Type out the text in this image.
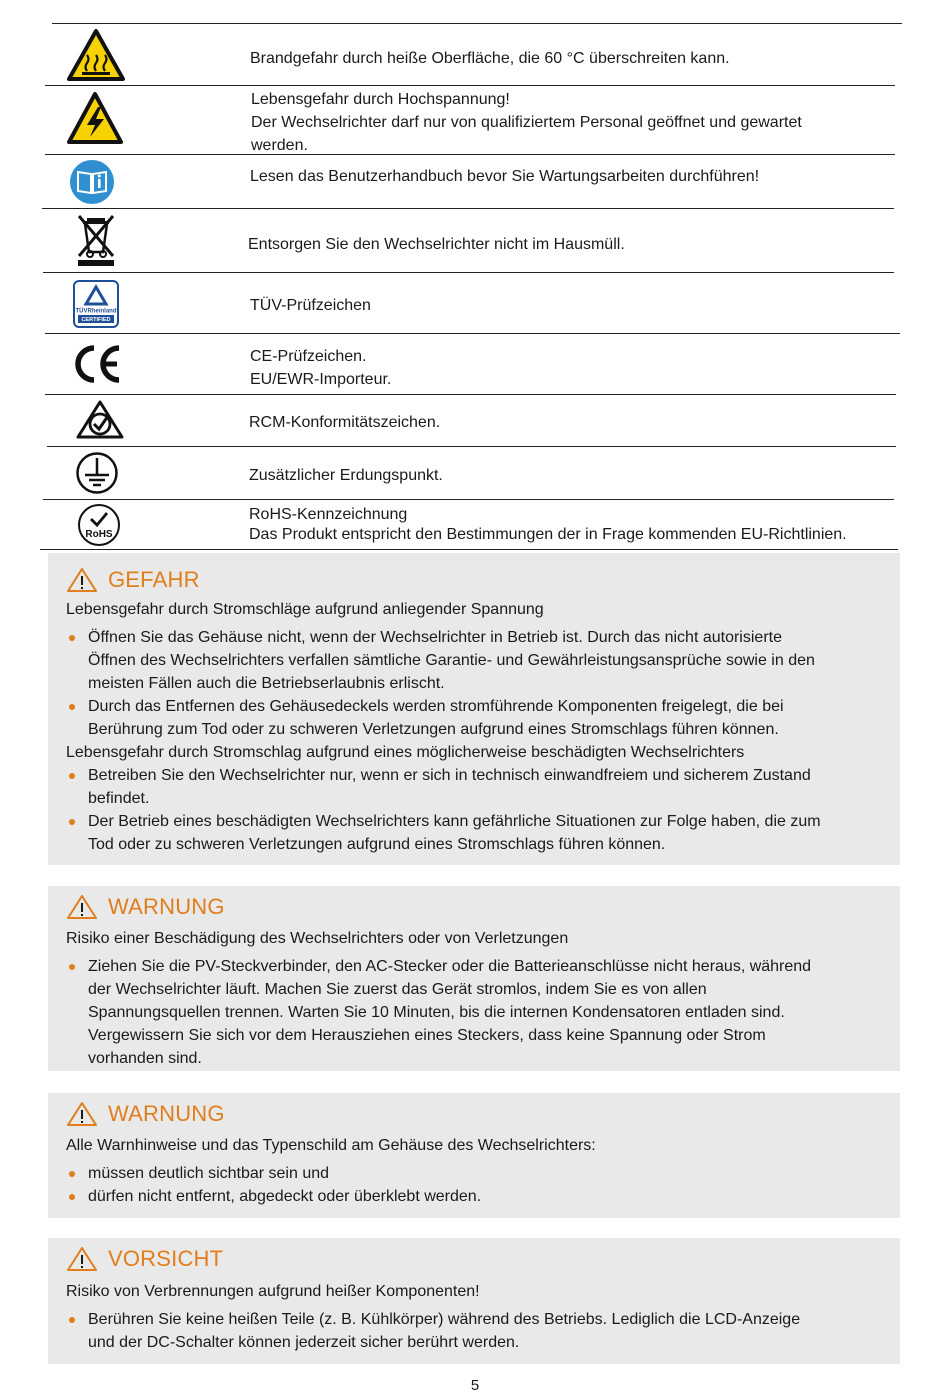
Brandgefahr durch heiße Oberfläche, die 60 °C überschreiten kann.
Lebensgefahr durch Hochspannung!
Der Wechselrichter darf nur von qualifiziertem Personal geöffnet und gewartet
werden.
Lesen das Benutzerhandbuch bevor Sie Wartungsarbeiten durchführen!
Entsorgen Sie den Wechselrichter nicht im Hausmüll.
TÜVRheinland
CERTIFIED
TÜV-Prüfzeichen
CE-Prüfzeichen.
EU/EWR-Importeur.
RCM-Konformitätszeichen.
Zusätzlicher Erdungspunkt.
RoHS
RoHS-Kennzeichnung
Das Produkt entspricht den Bestimmungen der in Frage kommenden EU-Richtlinien.
GEFAHR
Lebensgefahr durch Stromschläge aufgrund anliegender Spannung
Öffnen Sie das Gehäuse nicht, wenn der Wechselrichter in Betrieb ist. Durch das nicht autorisierte
Öffnen des Wechselrichters verfallen sämtliche Garantie- und Gewährleistungsansprüche sowie in den
meisten Fällen auch die Betriebserlaubnis erlischt.
Durch das Entfernen des Gehäusedeckels werden stromführende Komponenten freigelegt, die bei
Berührung zum Tod oder zu schweren Verletzungen aufgrund eines Stromschlags führen können.
Lebensgefahr durch Stromschlag aufgrund eines möglicherweise beschädigten Wechselrichters
Betreiben Sie den Wechselrichter nur, wenn er sich in technisch einwandfreiem und sicherem Zustand
befindet.
Der Betrieb eines beschädigten Wechselrichters kann gefährliche Situationen zur Folge haben, die zum
Tod oder zu schweren Verletzungen aufgrund eines Stromschlags führen können.
WARNUNG
Risiko einer Beschädigung des Wechselrichters oder von Verletzungen
Ziehen Sie die PV-Steckverbinder, den AC-Stecker oder die Batterieanschlüsse nicht heraus, während
der Wechselrichter läuft. Machen Sie zuerst das Gerät stromlos, indem Sie es von allen
Spannungsquellen trennen. Warten Sie 10 Minuten, bis die internen Kondensatoren entladen sind.
Vergewissern Sie sich vor dem Herausziehen eines Steckers, dass keine Spannung oder Strom
vorhanden sind.
WARNUNG
Alle Warnhinweise und das Typenschild am Gehäuse des Wechselrichters:
müssen deutlich sichtbar sein und
dürfen nicht entfernt, abgedeckt oder überklebt werden.
VORSICHT
Risiko von Verbrennungen aufgrund heißer Komponenten!
Berühren Sie keine heißen Teile (z. B. Kühlkörper) während des Betriebs. Lediglich die LCD-Anzeige
und der DC-Schalter können jederzeit sicher berührt werden.
5
